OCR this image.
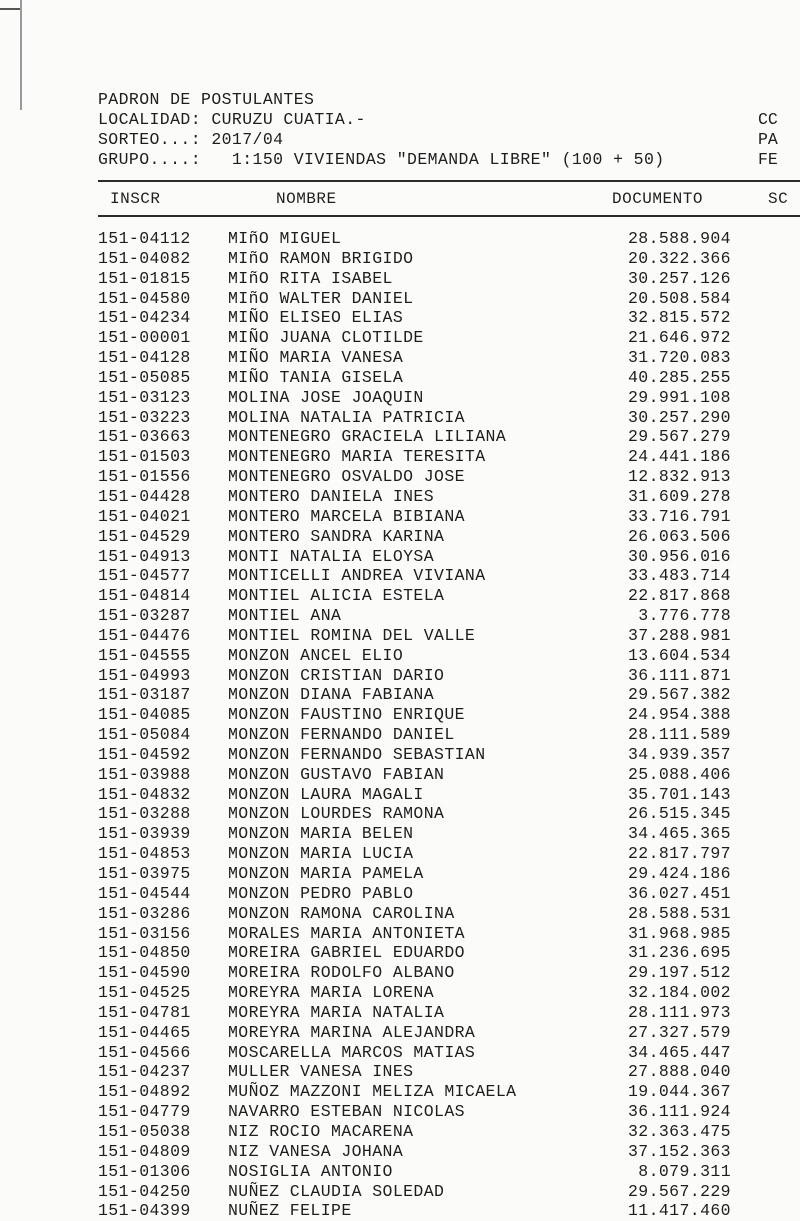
PADRON DE POSTULANTES
LOCALIDAD: CURUZU CUATIA.-
SORTEO...: 2017/04
GRUPO....:   1:150 VIVIENDAS "DEMANDA LIBRE" (100 + 50)
CC
PA
FE
INSCR	NOMBRE	DOCUMENTO	SC
151-04112 MIñO MIGUEL	28.588.904
151-04082 MIñO RAMON BRIGIDO	20.322.366
151-01815 MIñO RITA ISABEL	30.257.126
151-04580 MIñO WALTER DANIEL	20.508.584
151-04234 MIÑO ELISEO ELIAS	32.815.572
151-00001 MIÑO JUANA CLOTILDE	21.646.972
151-04128 MIÑO MARIA VANESA	31.720.083
151-05085 MIÑO TANIA GISELA	40.285.255
151-03123 MOLINA JOSE JOAQUIN	29.991.108
151-03223 MOLINA NATALIA PATRICIA	30.257.290
151-03663 MONTENEGRO GRACIELA LILIANA	29.567.279
151-01503 MONTENEGRO MARIA TERESITA	24.441.186
151-01556 MONTENEGRO OSVALDO JOSE	12.832.913
151-04428 MONTERO DANIELA INES	31.609.278
151-04021 MONTERO MARCELA BIBIANA	33.716.791
151-04529 MONTERO SANDRA KARINA	26.063.506
151-04913 MONTI NATALIA ELOYSA	30.956.016
151-04577 MONTICELLI ANDREA VIVIANA	33.483.714
151-04814 MONTIEL ALICIA ESTELA	22.817.868
151-03287 MONTIEL ANA	3.776.778
151-04476 MONTIEL ROMINA DEL VALLE	37.288.981
151-04555 MONZON ANCEL ELIO	13.604.534
151-04993 MONZON CRISTIAN DARIO	36.111.871
151-03187 MONZON DIANA FABIANA	29.567.382
151-04085 MONZON FAUSTINO ENRIQUE	24.954.388
151-05084 MONZON FERNANDO DANIEL	28.111.589
151-04592 MONZON FERNANDO SEBASTIAN	34.939.357
151-03988 MONZON GUSTAVO FABIAN	25.088.406
151-04832 MONZON LAURA MAGALI	35.701.143
151-03288 MONZON LOURDES RAMONA	26.515.345
151-03939 MONZON MARIA BELEN	34.465.365
151-04853 MONZON MARIA LUCIA	22.817.797
151-03975 MONZON MARIA PAMELA	29.424.186
151-04544 MONZON PEDRO PABLO	36.027.451
151-03286 MONZON RAMONA CAROLINA	28.588.531
151-03156 MORALES MARIA ANTONIETA	31.968.985
151-04850 MOREIRA GABRIEL EDUARDO	31.236.695
151-04590 MOREIRA RODOLFO ALBANO	29.197.512
151-04525 MOREYRA MARIA LORENA	32.184.002
151-04781 MOREYRA MARIA NATALIA	28.111.973
151-04465 MOREYRA MARINA ALEJANDRA	27.327.579
151-04566 MOSCARELLA MARCOS MATIAS	34.465.447
151-04237 MULLER VANESA INES	27.888.040
151-04892 MUÑOZ MAZZONI MELIZA MICAELA	19.044.367
151-04779 NAVARRO ESTEBAN NICOLAS	36.111.924
151-05038 NIZ ROCIO MACARENA	32.363.475
151-04809 NIZ VANESA JOHANA	37.152.363
151-01306 NOSIGLIA ANTONIO	8.079.311
151-04250 NUÑEZ CLAUDIA SOLEDAD	29.567.229
151-04399 NUÑEZ FELIPE	11.417.460
